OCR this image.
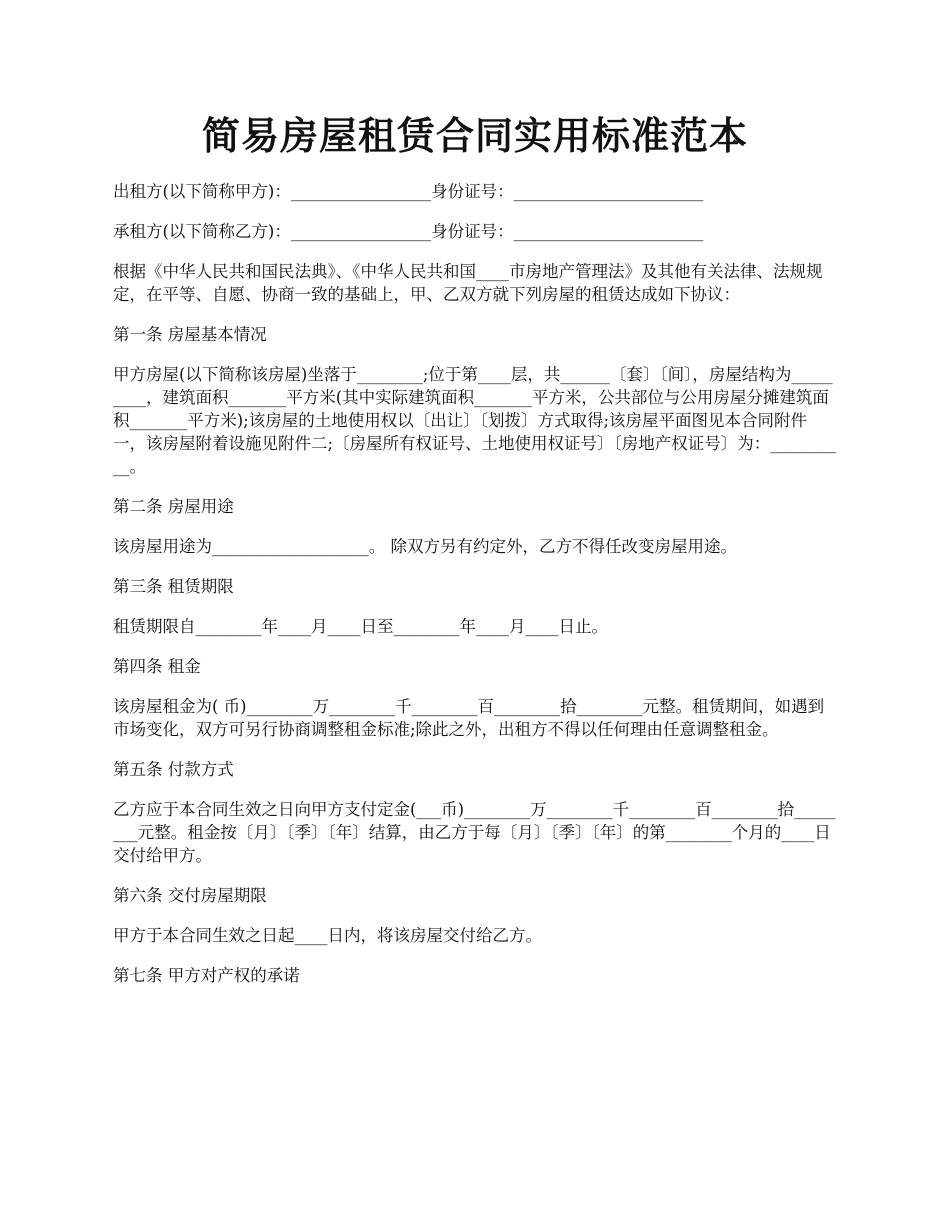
简易房屋租赁合同实用标准范本

出租方(以下简称甲方)：_________________身份证号：_______________________

承租方(以下简称乙方)：_________________身份证号：_______________________

根据《中华人民共和国民法典》、《中华人民共和国____市房地产管理法》及其他有关法律、法规规定，在平等、自愿、协商一致的基础上，甲、乙双方就下列房屋的租赁达成如下协议：

第一条 房屋基本情况

甲方房屋(以下简称该房屋)坐落于________;位于第____层，共______〔套〕〔间〕，房屋结构为_________，建筑面积_______平方米(其中实际建筑面积_______平方米，公共部位与公用房屋分摊建筑面积_______平方米);该房屋的土地使用权以〔出让〕〔划拨〕方式取得;该房屋平面图见本合同附件一，该房屋附着设施见附件二;〔房屋所有权证号、土地使用权证号〕〔房地产权证号〕为：__________。

第二条 房屋用途

该房屋用途为___________________。 除双方另有约定外，乙方不得任改变房屋用途。

第三条 租赁期限

租赁期限自________年____月____日至________年____月____日止。

第四条 租金

该房屋租金为( 币)________万________千________百________拾________元整。租赁期间，如遇到市场变化，双方可另行协商调整租金标准;除此之外，出租方不得以任何理由任意调整租金。

第五条 付款方式

乙方应于本合同生效之日向甲方支付定金(___币)________万________千________百________拾________元整。租金按〔月〕〔季〕〔年〕结算，由乙方于每〔月〕〔季〕〔年〕的第________个月的____日交付给甲方。

第六条 交付房屋期限

甲方于本合同生效之日起____日内，将该房屋交付给乙方。

第七条 甲方对产权的承诺
